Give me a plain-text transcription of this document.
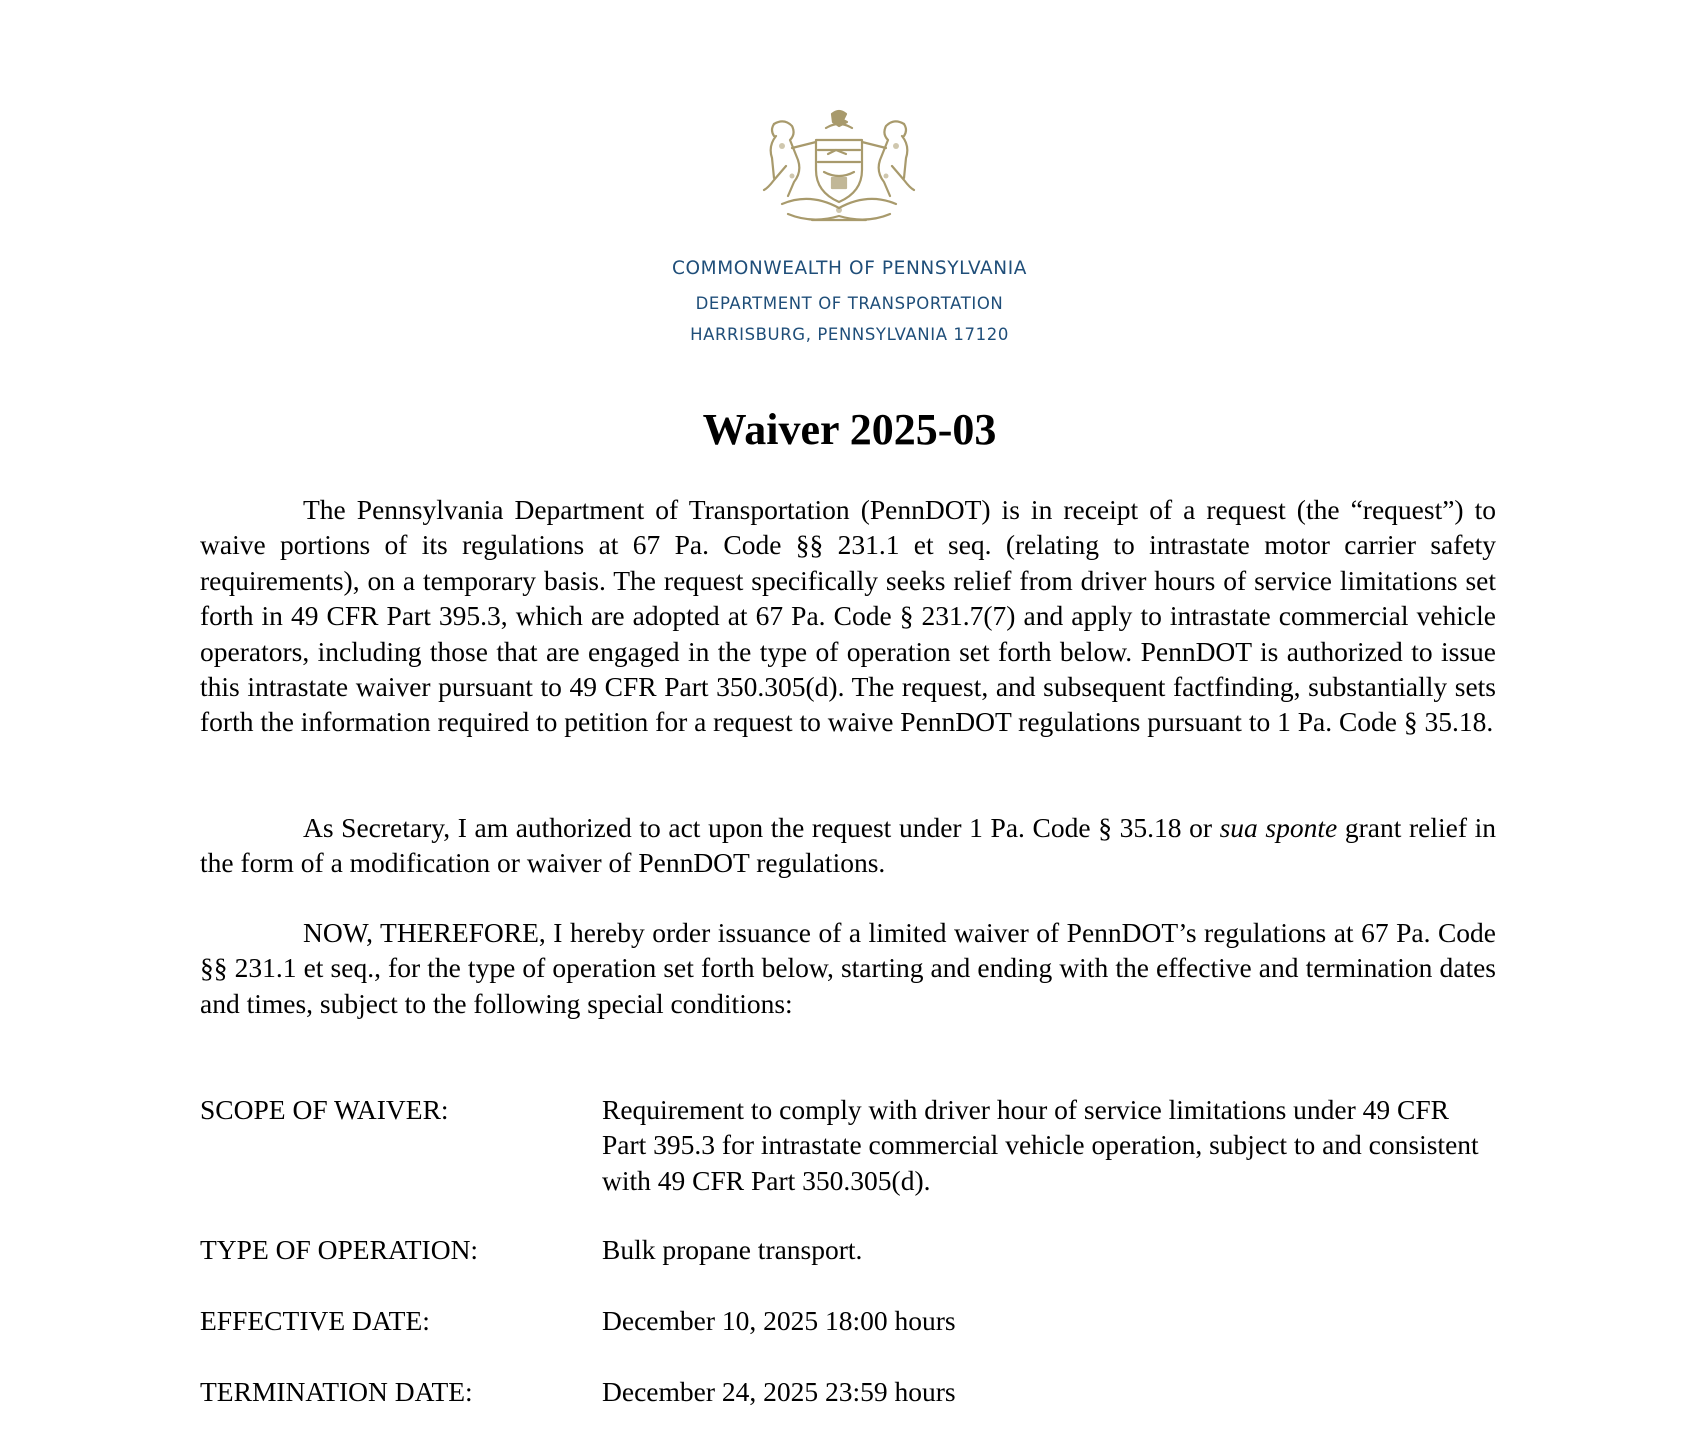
COMMONWEALTH OF PENNSYLVANIA
DEPARTMENT OF TRANSPORTATION
HARRISBURG, PENNSYLVANIA 17120
Waiver 2025-03

The Pennsylvania Department of Transportation (PennDOT) is in receipt of a request (the “request”) to waive portions of its regulations at 67 Pa. Code §§ 231.1 et seq. (relating to intrastate motor carrier safety requirements), on a temporary basis. The request specifically seeks relief from driver hours of service limitations set forth in 49 CFR Part 395.3, which are adopted at 67 Pa. Code § 231.7(7) and apply to intrastate commercial vehicle operators, including those that are engaged in the type of operation set forth below. PennDOT is authorized to issue this intrastate waiver pursuant to 49 CFR Part 350.305(d). The request, and subsequent factfinding, substantially sets forth the information required to petition for a request to waive PennDOT regulations pursuant to 1 Pa. Code § 35.18.

As Secretary, I am authorized to act upon the request under 1 Pa. Code § 35.18 or sua sponte grant relief in the form of a modification or waiver of PennDOT regulations.

NOW, THEREFORE, I hereby order issuance of a limited waiver of PennDOT’s regulations at 67 Pa. Code §§ 231.1 et seq., for the type of operation set forth below, starting and ending with the effective and termination dates and times, subject to the following special conditions:

SCOPE OF WAIVER:	Requirement to comply with driver hour of service limitations under 49 CFR Part 395.3 for intrastate commercial vehicle operation, subject to and consistent with 49 CFR Part 350.305(d).
TYPE OF OPERATION:	Bulk propane transport.
EFFECTIVE DATE:	December 10, 2025 18:00 hours
TERMINATION DATE:	December 24, 2025 23:59 hours
